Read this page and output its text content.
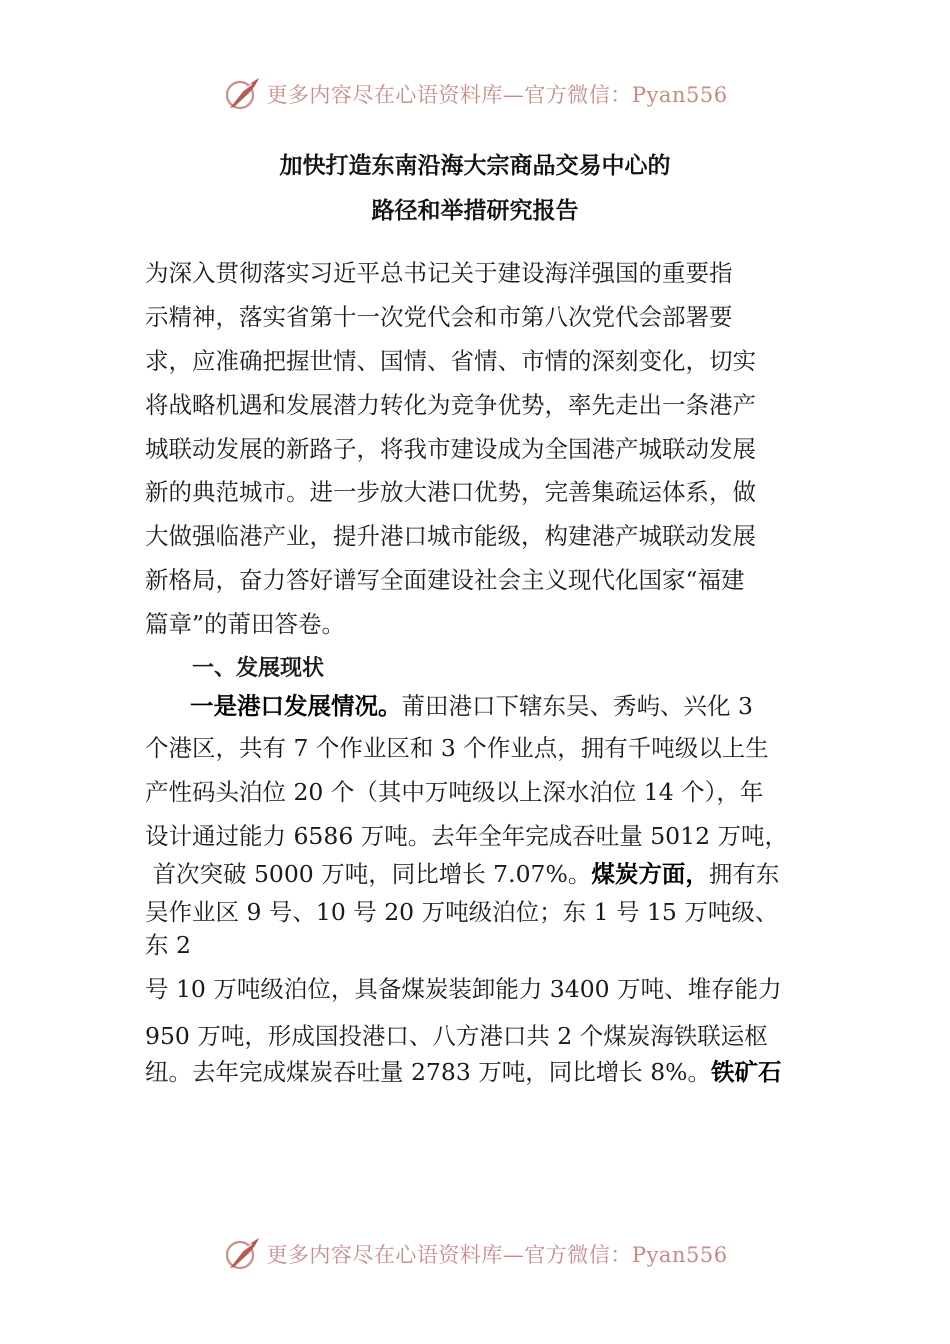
更多内容尽在心语资料库—官方微信：Pyan556
加快打造东南沿海大宗商品交易中心的
路径和举措研究报告
为深入贯彻落实习近平总书记关于建设海洋强国的重要指
示精神，落实省第十一次党代会和市第八次党代会部署要
求，应准确把握世情、国情、省情、市情的深刻变化，切实
将战略机遇和发展潜力转化为竞争优势，率先走出一条港产
城联动发展的新路子，将我市建设成为全国港产城联动发展
新的典范城市。进一步放大港口优势，完善集疏运体系，做
大做强临港产业，提升港口城市能级，构建港产城联动发展
新格局，奋力答好谱写全面建设社会主义现代化国家“福建
篇章”的莆田答卷。
一、发展现状
一是港口发展情况。莆田港口下辖东吴、秀屿、兴化 3
个港区，共有 7 个作业区和 3 个作业点，拥有千吨级以上生
产性码头泊位 20 个（其中万吨级以上深水泊位 14 个），年
设计通过能力 6586 万吨。去年全年完成吞吐量 5012 万吨，
首次突破 5000 万吨，同比增长 7.07%。煤炭方面，拥有东
吴作业区 9 号、10 号 20 万吨级泊位；东 1 号 15 万吨级、
东 2
号 10 万吨级泊位，具备煤炭装卸能力 3400 万吨、堆存能力
950 万吨，形成国投港口、八方港口共 2 个煤炭海铁联运枢
纽。去年完成煤炭吞吐量 2783 万吨，同比增长 8%。铁矿石
更多内容尽在心语资料库—官方微信：Pyan556
